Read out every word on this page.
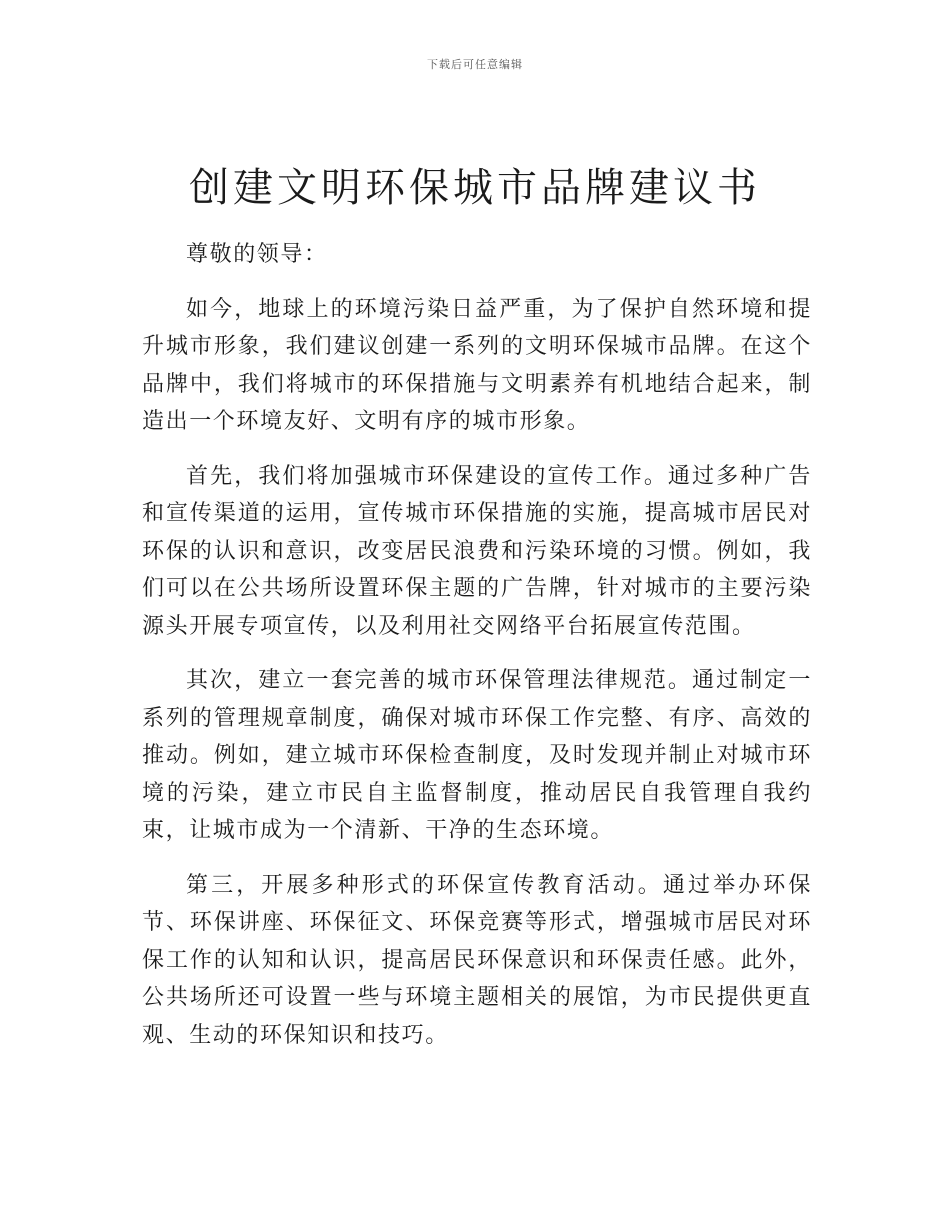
下载后可任意编辑
创建文明环保城市品牌建议书

尊敬的领导：

如今，地球上的环境污染日益严重，为了保护自然环境和提升城市形象，我们建议创建一系列的文明环保城市品牌。在这个品牌中，我们将城市的环保措施与文明素养有机地结合起来，制造出一个环境友好、文明有序的城市形象。

首先，我们将加强城市环保建设的宣传工作。通过多种广告和宣传渠道的运用，宣传城市环保措施的实施，提高城市居民对环保的认识和意识，改变居民浪费和污染环境的习惯。例如，我们可以在公共场所设置环保主题的广告牌，针对城市的主要污染源头开展专项宣传，以及利用社交网络平台拓展宣传范围。

其次，建立一套完善的城市环保管理法律规范。通过制定一系列的管理规章制度，确保对城市环保工作完整、有序、高效的推动。例如，建立城市环保检查制度，及时发现并制止对城市环境的污染，建立市民自主监督制度，推动居民自我管理自我约束，让城市成为一个清新、干净的生态环境。

第三，开展多种形式的环保宣传教育活动。通过举办环保节、环保讲座、环保征文、环保竞赛等形式，增强城市居民对环保工作的认知和认识，提高居民环保意识和环保责任感。此外，公共场所还可设置一些与环境主题相关的展馆，为市民提供更直观、生动的环保知识和技巧。
